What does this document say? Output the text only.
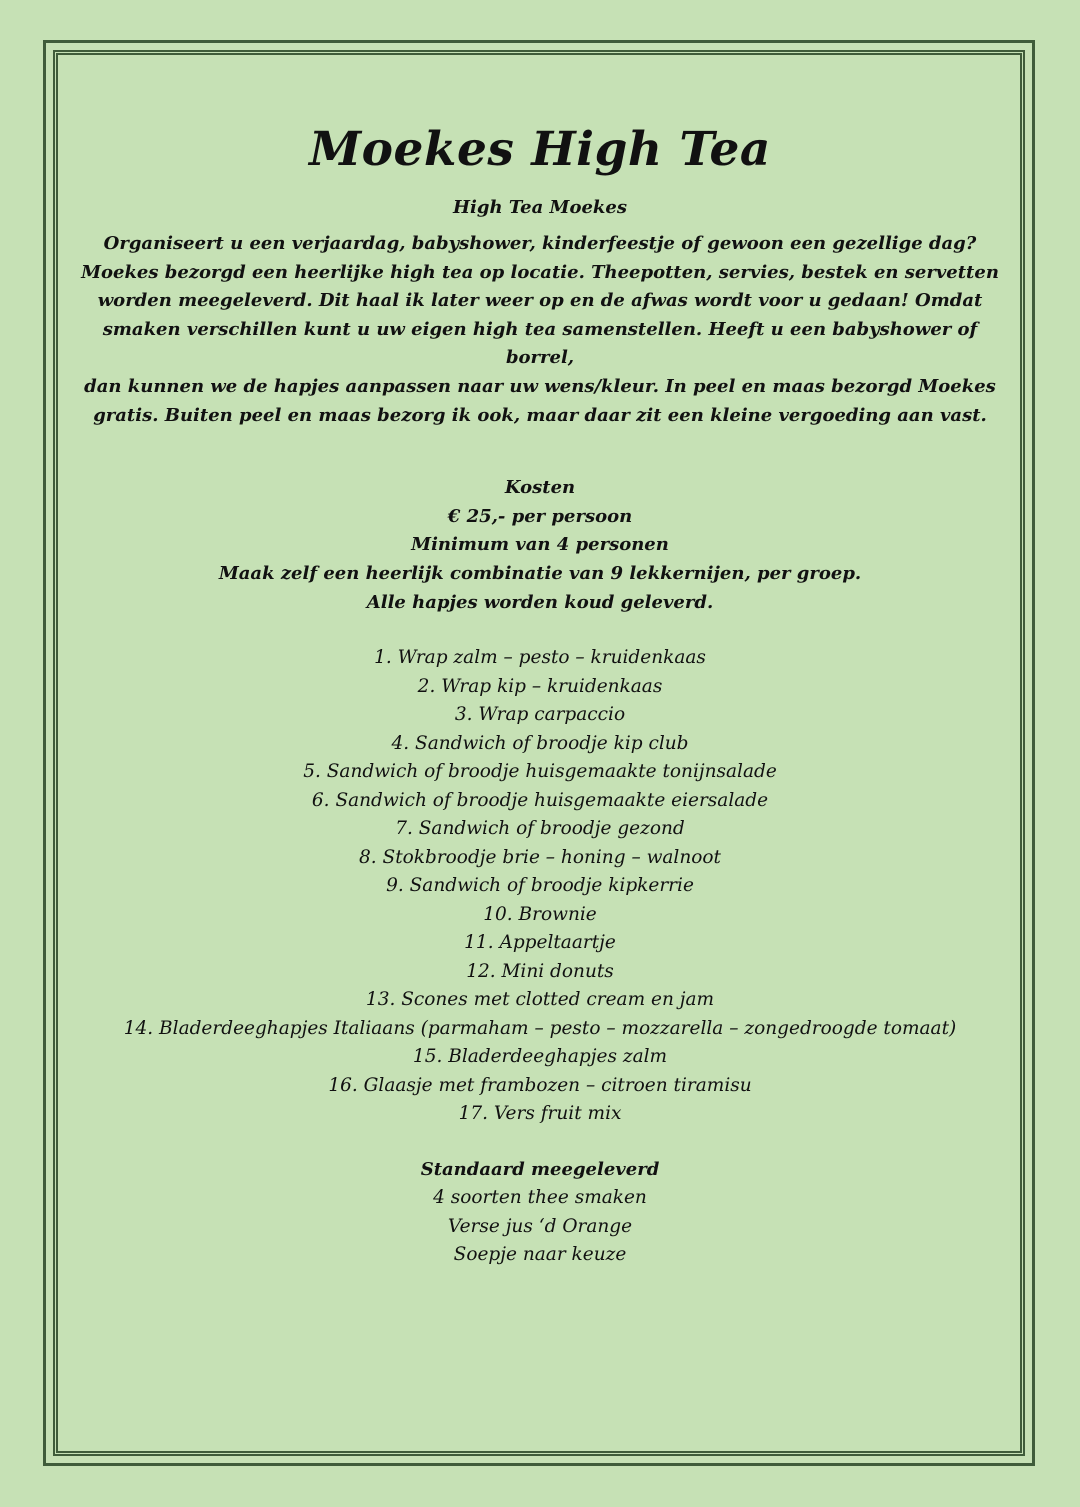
Moekes High Tea
High Tea Moekes
Organiseert u een verjaardag, babyshower, kinderfeestje of gewoon een gezellige dag?
Moekes bezorgd een heerlijke high tea op locatie. Theepotten, servies, bestek en servetten
worden meegeleverd. Dit haal ik later weer op en de afwas wordt voor u gedaan! Omdat
smaken verschillen kunt u uw eigen high tea samenstellen. Heeft u een babyshower of borrel,
dan kunnen we de hapjes aanpassen naar uw wens/kleur. In peel en maas bezorgd Moekes
gratis. Buiten peel en maas bezorg ik ook, maar daar zit een kleine vergoeding aan vast.
Kosten
€ 25,- per persoon
Minimum van 4 personen
Maak zelf een heerlijk combinatie van 9 lekkernijen, per groep.
Alle hapjes worden koud geleverd.
1. Wrap zalm – pesto – kruidenkaas
2. Wrap kip – kruidenkaas
3. Wrap carpaccio
4. Sandwich of broodje kip club
5. Sandwich of broodje huisgemaakte tonijnsalade
6. Sandwich of broodje huisgemaakte eiersalade
7. Sandwich of broodje gezond
8. Stokbroodje brie – honing – walnoot
9. Sandwich of broodje kipkerrie
10. Brownie
11. Appeltaartje
12. Mini donuts
13. Scones met clotted cream en jam
14. Bladerdeeghapjes Italiaans (parmaham – pesto – mozzarella – zongedroogde tomaat)
15. Bladerdeeghapjes zalm
16. Glaasje met frambozen – citroen tiramisu
17. Vers fruit mix
Standaard meegeleverd
4 soorten thee smaken
Verse jus ‘d Orange
Soepje naar keuze
